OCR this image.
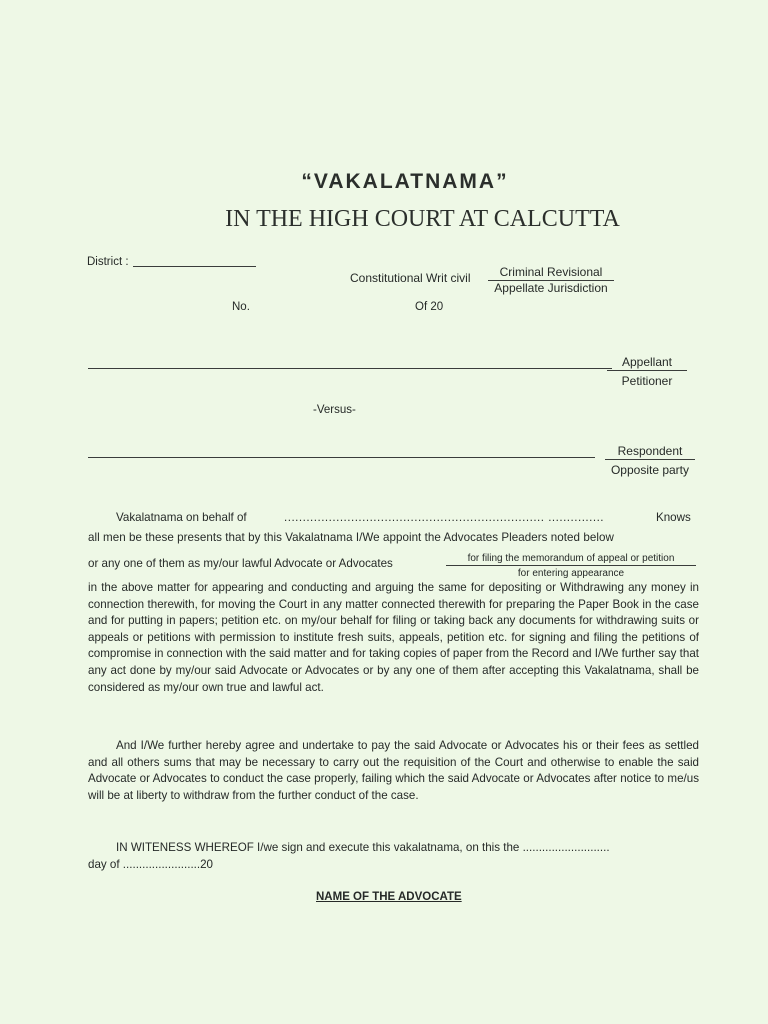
“VAKALATNAMA”
IN THE HIGH COURT AT CALCUTTA
District :
Constitutional Writ civil	Criminal Revisional
Appellate Jurisdiction
No.	Of 20
Appellant
Petitioner
-Versus-
Respondent
Opposite party
Vakalatnama on behalf of	...................................................................... ...............	Knows
all men be these presents that by this Vakalatnama I/We appoint the Advocates Pleaders noted below
or any one of them as my/our lawful Advocate or Advocates	for filing the memorandum of appeal or petition
for entering appearance

in the above matter for appearing and conducting and arguing the same for depositing or Withdrawing any money in connection therewith, for moving the Court in any matter connected therewith for preparing the Paper Book in the case and for putting in papers; petition etc. on my/our behalf for filing or taking back any documents for withdrawing suits or appeals or petitions with permission to institute fresh suits, appeals, petition etc. for signing and filing the petitions of compromise in connection with the said matter and for taking copies of paper from the Record and I/We further say that any act done by my/our said Advocate or Advocates or by any one of them after accepting this Vakalatnama, shall be considered as my/our own true and lawful act.

And I/We further hereby agree and undertake to pay the said Advocate or Advocates his or their fees as settled and all others sums that may be necessary to carry out the requisition of the Court and otherwise to enable the said Advocate or Advocates to conduct the case properly, failing which the said Advocate or Advocates after notice to me/us will be at liberty to withdraw from the further conduct of the case.

IN WITENESS WHEREOF I/we sign and execute this vakalatnama, on this the ...........................
day of ........................20
NAME OF THE ADVOCATE
